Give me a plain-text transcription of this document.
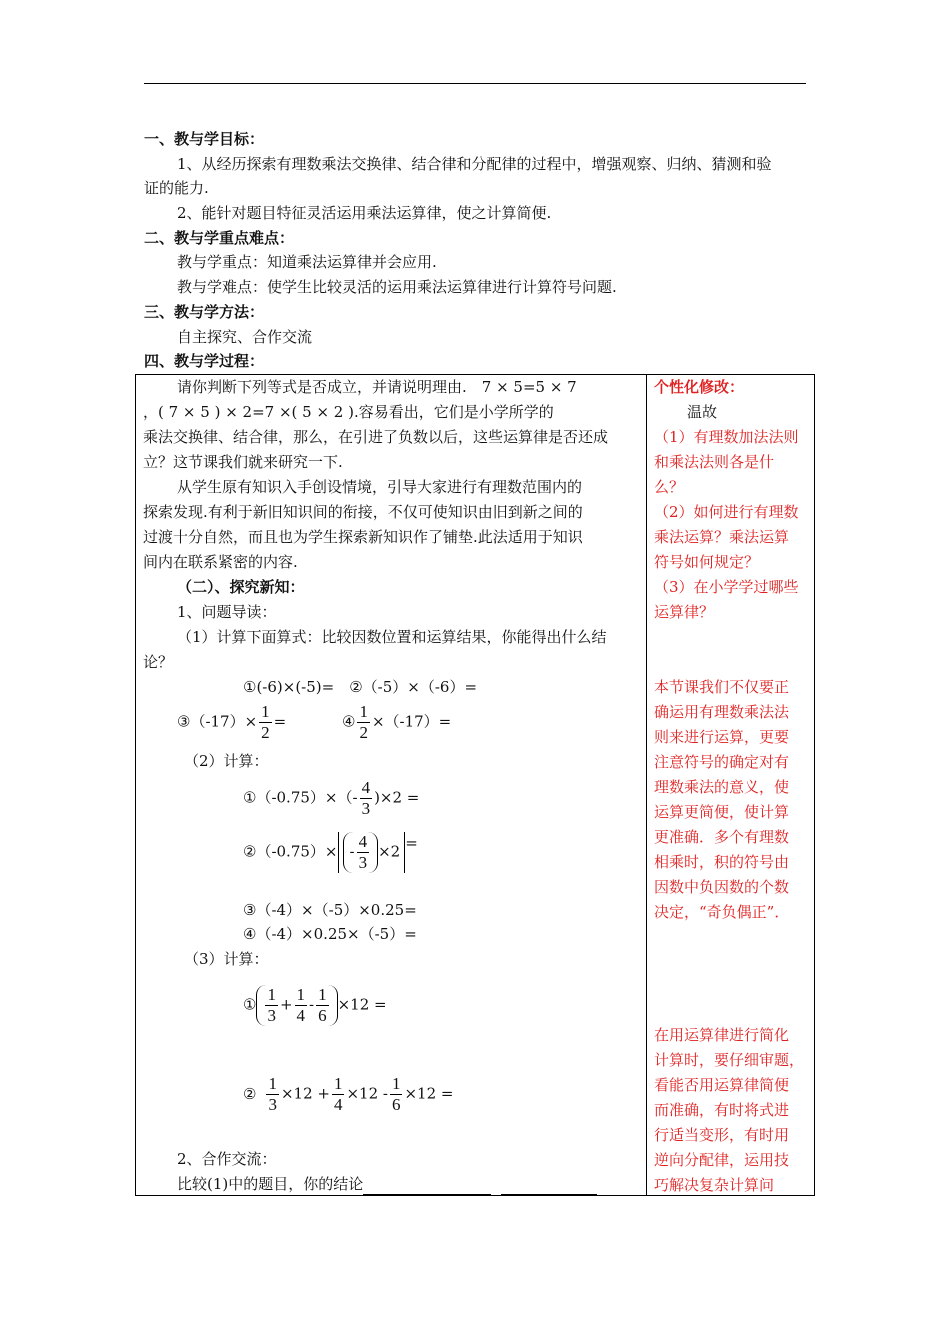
一、教与学目标：
1、从经历探索有理数乘法交换律、结合律和分配律的过程中，增强观察、归纳、猜测和验
证的能力.
2、能针对题目特征灵活运用乘法运算律，使之计算简便.
二、教与学重点难点：
教与学重点：知道乘法运算律并会应用.
教与学难点：使学生比较灵活的运用乘法运算律进行计算符号问题.
三、教与学方法：
自主探究、合作交流
四、教与学过程：
请你判断下列等式是否成立，并请说明理由.　7 × 5=5 × 7
，( 7 × 5 ) × 2=7 ×( 5 × 2 ).容易看出，它们是小学所学的
乘法交换律、结合律，那么，在引进了负数以后，这些运算律是否还成
立？这节课我们就来研究一下.
从学生原有知识入手创设情境，引导大家进行有理数范围内的
探索发现.有利于新旧知识间的衔接，不仅可使知识由旧到新之间的
过渡十分自然，而且也为学生探索新知识作了铺垫.此法适用于知识
间内在联系紧密的内容.
（二）、探究新知：
1、问题导读：
（1）计算下面算式：比较因数位置和运算结果，你能得出什么结
论？
①(-6)×(-5)=　②（-5）×（-6）=
③（-17）× $\frac{1}{2}$ =	④ $\frac{1}{2} \times(-17)=$
（2）计算：
①（-0.75）×（- $\frac{4}{3} )\times 2$ =
②（-0.75）× - $\frac{4}{3} \times 2$ =
③（-4）×（-5）×0.25=
④（-4）×0.25×（-5）=
（3）计算：
① $\frac{1}{3} + \frac{1}{4} - \frac{1}{6} \times 12$ =
② $\frac{1}{3} \times 12 + \frac{1}{4} \times 12 - \frac{1}{6} \times 12$ =
2、合作交流：
比较(1)中的题目，你的结论
个性化修改：
温故
（1）有理数加法法则
和乘法法则各是什
么？
（2）如何进行有理数
乘法运算？乘法运算
符号如何规定？
（3）在小学学过哪些
运算律？
本节课我们不仅要正
确运用有理数乘法法
则来进行运算，更要
注意符号的确定对有
理数乘法的意义，使
运算更简便，使计算
更准确．多个有理数
相乘时，积的符号由
因数中负因数的个数
决定，“奇负偶正”．
在用运算律进行简化
计算时，要仔细审题，
看能否用运算律简便
而准确，有时将式进
行适当变形，有时用
逆向分配律，运用技
巧解决复杂计算问
